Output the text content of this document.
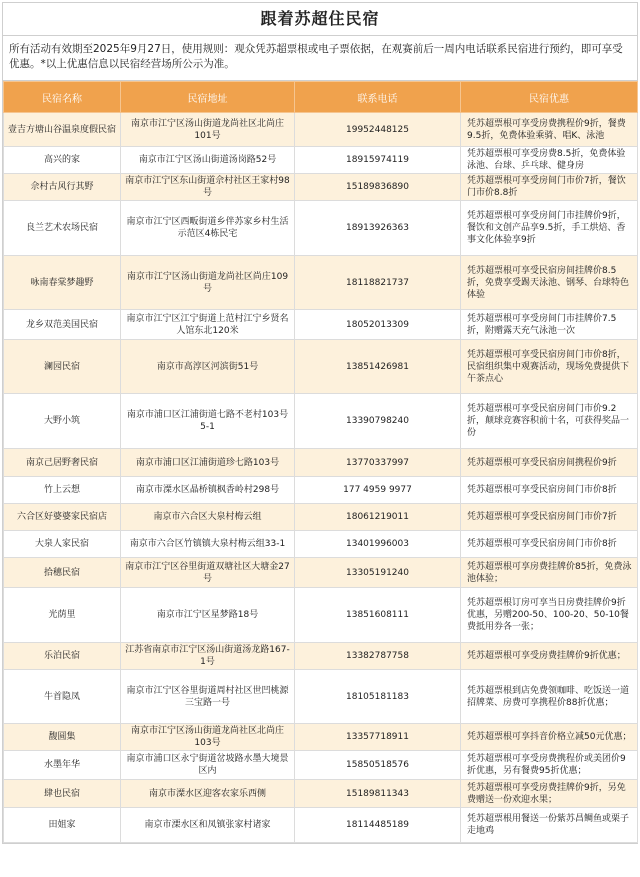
跟着苏超住民宿
所有活动有效期至2025年9月27日，使用规则：观众凭苏超票根或电子票依据，在观赛前后一周内电话联系民宿进行预约，即可享受优惠。*以上优惠信息以民宿经营场所公示为准。
民宿名称	民宿地址	联系电话	民宿优惠
壹吉方塘山谷温泉度假民宿	南京市江宁区汤山街道龙尚社区北尚庄101号	19952448125	凭苏超票根可享受房费携程价9折，餐费9.5折，免费体验乘骑、唱K、泳池
高兴的家	南京市江宁区汤山街道汤岗路52号	18915974119	凭苏超票根可享受房费8.5折，免费体验泳池、台球、乒乓球、健身房
佘村古风行其野	南京市江宁区东山街道佘村社区王家村98号	15189836890	凭苏超票根可享受房间门市价7折，餐饮门市价8.8折
良兰艺术农场民宿	南京市江宁区西畈街道乡伴苏家乡村生活示范区4栋民宅	18913926363	凭苏超票根可享受房间门市挂牌价9折，餐饮和文创产品享9.5折，手工烘焙、香事文化体验享9折
咏南春棠梦趣野	南京市江宁区汤山街道龙尚社区尚庄109号	18118821737	凭苏超票根可享受民宿房间挂牌价8.5折，免费享受踢天泳池、钢琴、台球特色体验
龙乡双范美国民宿	南京市江宁区江宁街道上范村江宁乡贤名人馆东北120米	18052013309	凭苏超票根可享受房间门市挂牌价7.5折，附赠露天充气泳池一次
澜园民宿	南京市高淳区河滨街51号	13851426981	凭苏超票根可享受民宿房间门市价8折，民宿组织集中观赛活动，现场免费提供下午茶点心
大野小筑	南京市浦口区江浦街道七路不老村103号5-1	13390798240	凭苏超票根可享受民宿房间门市价9.2折，颠球竞赛容积前十名，可获得奖品一份
南京己居野奢民宿	南京市浦口区江浦街道珍七路103号	13770337997	凭苏超票根可享受民宿房间携程价9折
竹上云想	南京市溧水区晶桥镇枫香岭村298号	177 4959 9977	凭苏超票根可享受民宿房间门市价8折
六合区好婆婆家民宿店	南京市六合区大泉村梅云组	18061219011	凭苏超票根可享受民宿房间门市价7折
大泉人家民宿	南京市六合区竹镇镇大泉村梅云组33-1	13401996003	凭苏超票根可享受民宿房间门市价8折
拾穗民宿	南京市江宁区谷里街道双塘社区大塘金27号	13305191240	凭苏超票根可享房费挂牌价85折，免费泳池体验；
光荫里	南京市江宁区星梦路18号	13851608111	凭苏超票根订房可享当日房费挂牌价9折优惠，另赠200-50、100-20、50-10餐费抵用券各一张；
乐泊民宿	江苏省南京市江宁区汤山街道汤龙路167-1号	13382787758	凭苏超票根可享受房费挂牌价9折优惠；
牛首隐凤	南京市江宁区谷里街道周村社区世凹桃源三宝路一号	18105181183	凭苏超票根到店免费领咖啡、吃饭送一道招牌菜、房费可享携程价88折优惠；
馥圆集	南京市江宁区汤山街道龙尚社区北尚庄103号	13357718911	凭苏超票根可享抖音价格立减50元优惠；
水墨年华	南京市浦口区永宁街道岔坡路水墨大境景区内	15850518576	凭苏超票根可享受房费携程价或美团价9折优惠，另有餐费95折优惠；
肆也民宿	南京市溧水区迎客农家乐西侧	15189811343	凭苏超票根可享受房费挂牌价9折，另免费赠送一份欢迎水果；
田姐家	南京市溧水区和凤镇张家村诸家	18114485189	凭苏超票根用餐送一份紫苏昌鲷鱼或栗子走地鸡
